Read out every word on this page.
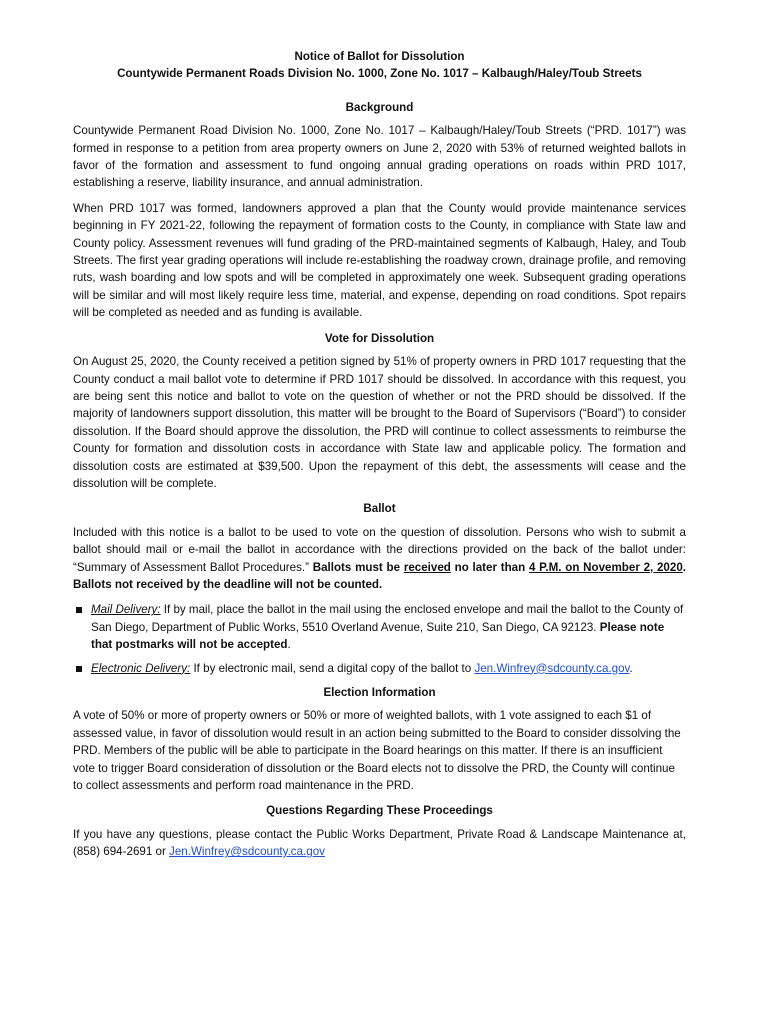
Notice of Ballot for Dissolution
Countywide Permanent Roads Division No. 1000, Zone No. 1017 – Kalbaugh/Haley/Toub Streets
Background

Countywide Permanent Road Division No. 1000, Zone No. 1017 – Kalbaugh/Haley/Toub Streets (“PRD. 1017”) was formed in response to a petition from area property owners on June 2, 2020 with 53% of returned weighted ballots in favor of the formation and assessment to fund ongoing annual grading operations on roads within PRD 1017, establishing a reserve, liability insurance, and annual administration.

When PRD 1017 was formed, landowners approved a plan that the County would provide maintenance services beginning in FY 2021-22, following the repayment of formation costs to the County, in compliance with State law and County policy. Assessment revenues will fund grading of the PRD-maintained segments of Kalbaugh, Haley, and Toub Streets. The first year grading operations will include re-establishing the roadway crown, drainage profile, and removing ruts, wash boarding and low spots and will be completed in approximately one week. Subsequent grading operations will be similar and will most likely require less time, material, and expense, depending on road conditions. Spot repairs will be completed as needed and as funding is available.

Vote for Dissolution

On August 25, 2020, the County received a petition signed by 51% of property owners in PRD 1017 requesting that the County conduct a mail ballot vote to determine if PRD 1017 should be dissolved. In accordance with this request, you are being sent this notice and ballot to vote on the question of whether or not the PRD should be dissolved. If the majority of landowners support dissolution, this matter will be brought to the Board of Supervisors (“Board”) to consider dissolution. If the Board should approve the dissolution, the PRD will continue to collect assessments to reimburse the County for formation and dissolution costs in accordance with State law and applicable policy. The formation and dissolution costs are estimated at $39,500. Upon the repayment of this debt, the assessments will cease and the dissolution will be complete.

Ballot

Included with this notice is a ballot to be used to vote on the question of dissolution. Persons who wish to submit a ballot should mail or e-mail the ballot in accordance with the directions provided on the back of the ballot under: “Summary of Assessment Ballot Procedures.” Ballots must be received no later than 4 P.M. on November 2, 2020. Ballots not received by the deadline will not be counted.

Mail Delivery: If by mail, place the ballot in the mail using the enclosed envelope and mail the ballot to the County of San Diego, Department of Public Works, 5510 Overland Avenue, Suite 210, San Diego, CA 92123. Please note that postmarks will not be accepted.
Electronic Delivery: If by electronic mail, send a digital copy of the ballot to Jen.Winfrey@sdcounty.ca.gov.
Election Information

A vote of 50% or more of property owners or 50% or more of weighted ballots, with 1 vote assigned to each $1 of assessed value, in favor of dissolution would result in an action being submitted to the Board to consider dissolving the PRD. Members of the public will be able to participate in the Board hearings on this matter. If there is an insufficient vote to trigger Board consideration of dissolution or the Board elects not to dissolve the PRD, the County will continue to collect assessments and perform road maintenance in the PRD.

Questions Regarding These Proceedings

If you have any questions, please contact the Public Works Department, Private Road & Landscape Maintenance at, (858) 694-2691 or Jen.Winfrey@sdcounty.ca.gov
